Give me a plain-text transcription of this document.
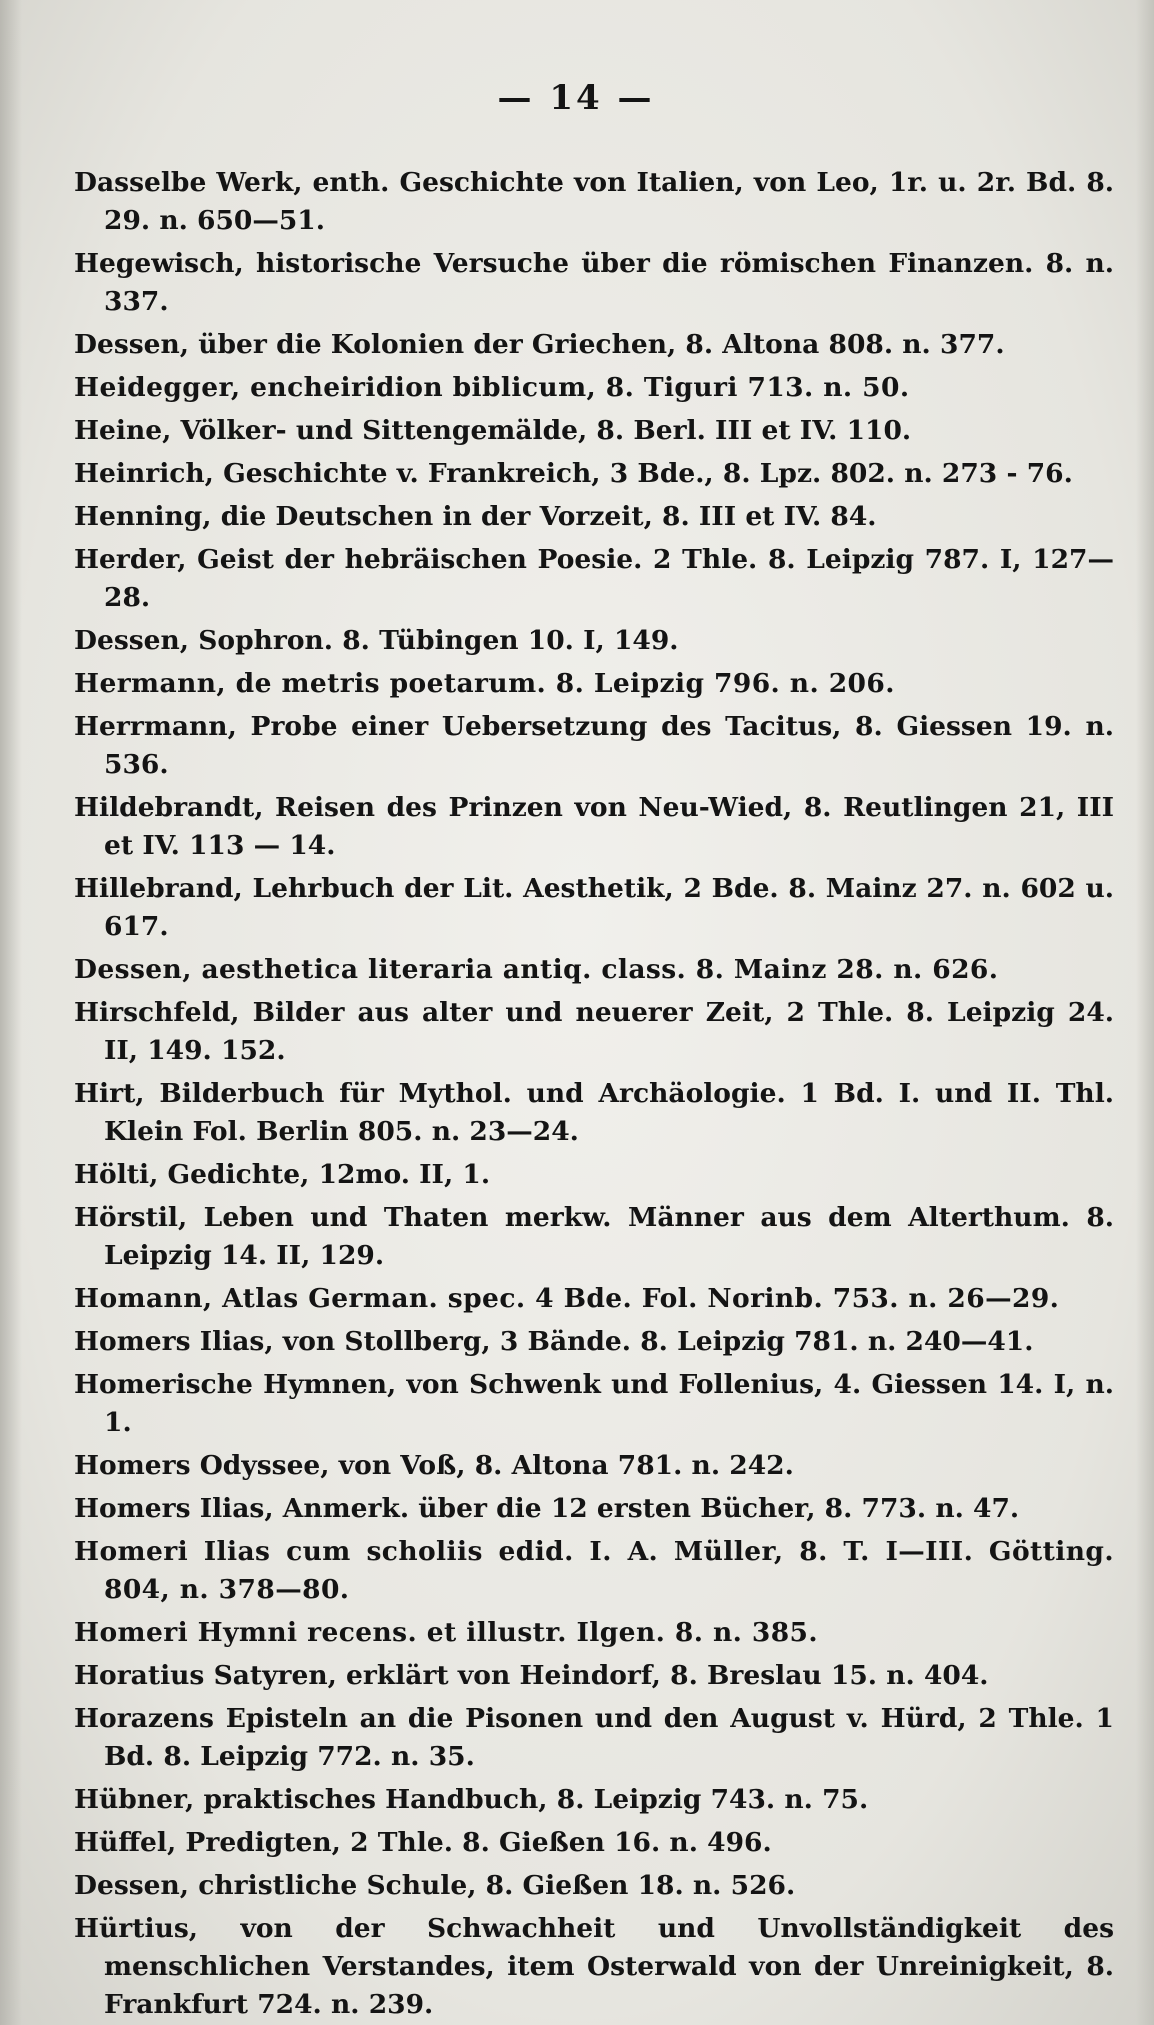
— 14 —
Dasselbe Werk, enth. Geschichte von Italien, von Leo, 1r. u. 2r. Bd. 8. 29. n. 650—51.
Hegewisch, historische Versuche über die römischen Finanzen. 8. n. 337.
Dessen, über die Kolonien der Griechen, 8. Altona 808. n. 377.
Heidegger, encheiridion biblicum, 8. Tiguri 713. n. 50.
Heine, Völker- und Sittengemälde, 8. Berl. III et IV. 110.
Heinrich, Geschichte v. Frankreich, 3 Bde., 8. Lpz. 802. n. 273 - 76.
Henning, die Deutschen in der Vorzeit, 8. III et IV. 84.
Herder, Geist der hebräischen Poesie. 2 Thle. 8. Leipzig 787. I, 127—28.
Dessen, Sophron. 8. Tübingen 10. I, 149.
Hermann, de metris poetarum. 8. Leipzig 796. n. 206.
Herrmann, Probe einer Uebersetzung des Tacitus, 8. Giessen 19. n. 536.
Hildebrandt, Reisen des Prinzen von Neu-Wied, 8. Reutlingen 21, III et IV. 113 — 14.
Hillebrand, Lehrbuch der Lit. Aesthetik, 2 Bde. 8. Mainz 27. n. 602 u. 617.
Dessen, aesthetica literaria antiq. class. 8. Mainz 28. n. 626.
Hirschfeld, Bilder aus alter und neuerer Zeit, 2 Thle. 8. Leipzig 24. II, 149. 152.
Hirt, Bilderbuch für Mythol. und Archäologie. 1 Bd. I. und II. Thl. Klein Fol. Berlin 805. n. 23—24.
Hölti, Gedichte, 12mo. II, 1.
Hörstil, Leben und Thaten merkw. Männer aus dem Alterthum. 8. Leipzig 14. II, 129.
Homann, Atlas German. spec. 4 Bde. Fol. Norinb. 753. n. 26—29.
Homers Ilias, von Stollberg, 3 Bände. 8. Leipzig 781. n. 240—41.
Homerische Hymnen, von Schwenk und Follenius, 4. Giessen 14. I, n. 1.
Homers Odyssee, von Voß, 8. Altona 781. n. 242.
Homers Ilias, Anmerk. über die 12 ersten Bücher, 8. 773. n. 47.
Homeri Ilias cum scholiis edid. I. A. Müller, 8. T. I—III. Götting. 804, n. 378—80.
Homeri Hymni recens. et illustr. Ilgen. 8. n. 385.
Horatius Satyren, erklärt von Heindorf, 8. Breslau 15. n. 404.
Horazens Episteln an die Pisonen und den August v. Hürd, 2 Thle. 1 Bd. 8. Leipzig 772. n. 35.
Hübner, praktisches Handbuch, 8. Leipzig 743. n. 75.
Hüffel, Predigten, 2 Thle. 8. Gießen 16. n. 496.
Dessen, christliche Schule, 8. Gießen 18. n. 526.
Hürtius, von der Schwachheit und Unvollständigkeit des menschlichen Verstandes, item Osterwald von der Unreinigkeit, 8. Frankfurt 724. n. 239.
